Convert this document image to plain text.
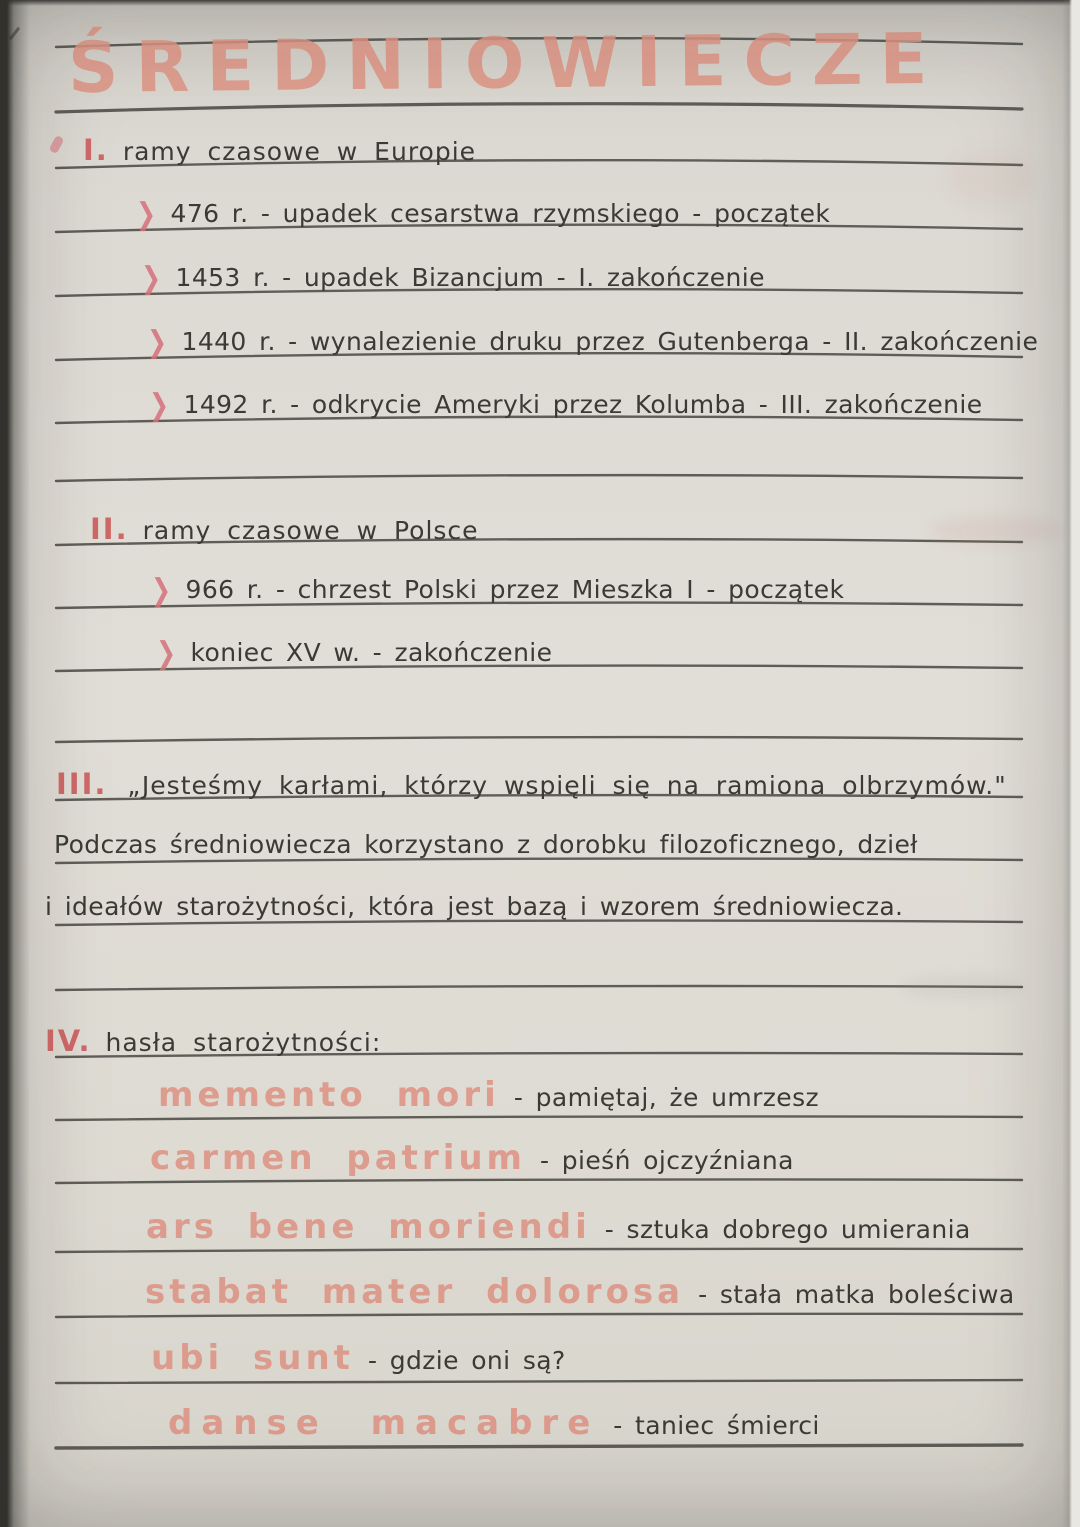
ŚREDNIOWIECZE
I. ramy czasowe w Europie
❯ 476 r. - upadek cesarstwa rzymskiego - początek
❯ 1453 r. - upadek Bizancjum - I. zakończenie
❯ 1440 r. - wynalezienie druku przez Gutenberga - II. zakończenie
❯ 1492 r. - odkrycie Ameryki przez Kolumba - III. zakończenie
II. ramy czasowe w Polsce
❯ 966 r. - chrzest Polski przez Mieszka I - początek
❯ koniec XV w. - zakończenie
III. „Jesteśmy karłami, którzy wspięli się na ramiona olbrzymów."
Podczas średniowiecza korzystano z dorobku filozoficznego, dzieł
i ideałów starożytności, która jest bazą i wzorem średniowiecza.
IV. hasła starożytności:
memento mori - pamiętaj, że umrzesz
carmen patrium - pieśń ojczyźniana
ars bene moriendi - sztuka dobrego umierania
stabat mater dolorosa - stała matka boleściwa
ubi sunt - gdzie oni są?
danse macabre - taniec śmierci
